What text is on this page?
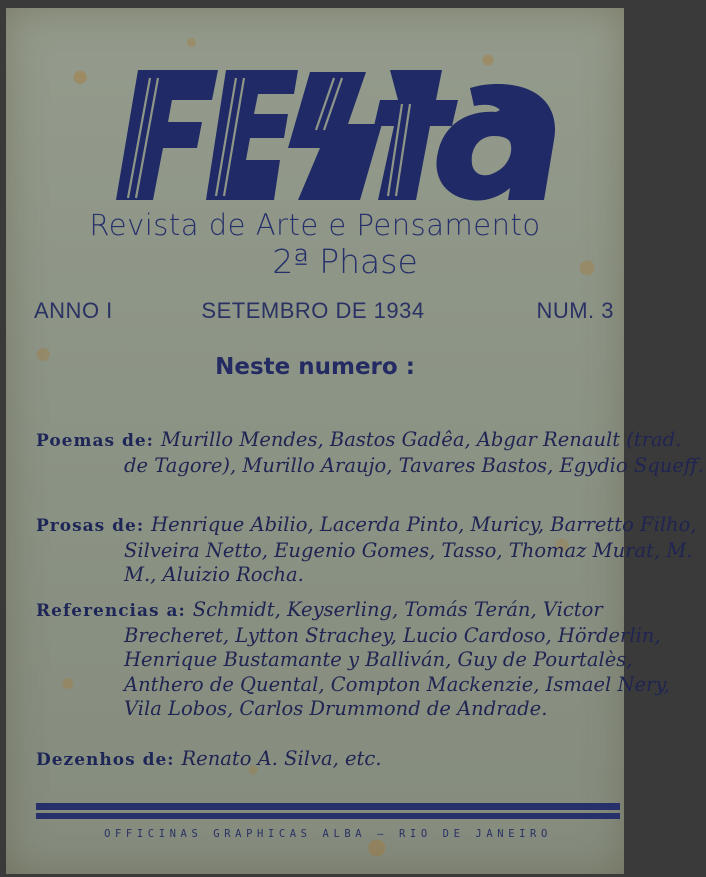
Revista de Arte e Pensamento
2ª Phase
ANNO I	SETEMBRO DE 1934	NUM. 3
Neste numero :
Poemas de: Murillo Mendes, Bastos Gadêa, Abgar Renault (trad. de Tagore), Murillo Araujo, Tavares Bastos, Egydio Squeff.
Prosas de: Henrique Abilio, Lacerda Pinto, Muricy, Barretto Filho, Silveira Netto, Eugenio Gomes, Tasso, Thomaz Murat, M. M., Aluizio Rocha.
Referencias a: Schmidt, Keyserling, Tomás Terán, Victor Brecheret, Lytton Strachey, Lucio Cardoso, Hörderlin, Henrique Bustamante y Balliván, Guy de Pourtalès, Anthero de Quental, Compton Mackenzie, Ismael Nery, Vila Lobos, Carlos Drummond de Andrade.
Dezenhos de: Renato A. Silva, etc.
OFFICINAS GRAPHICAS ALBA — RIO DE JANEIRO
